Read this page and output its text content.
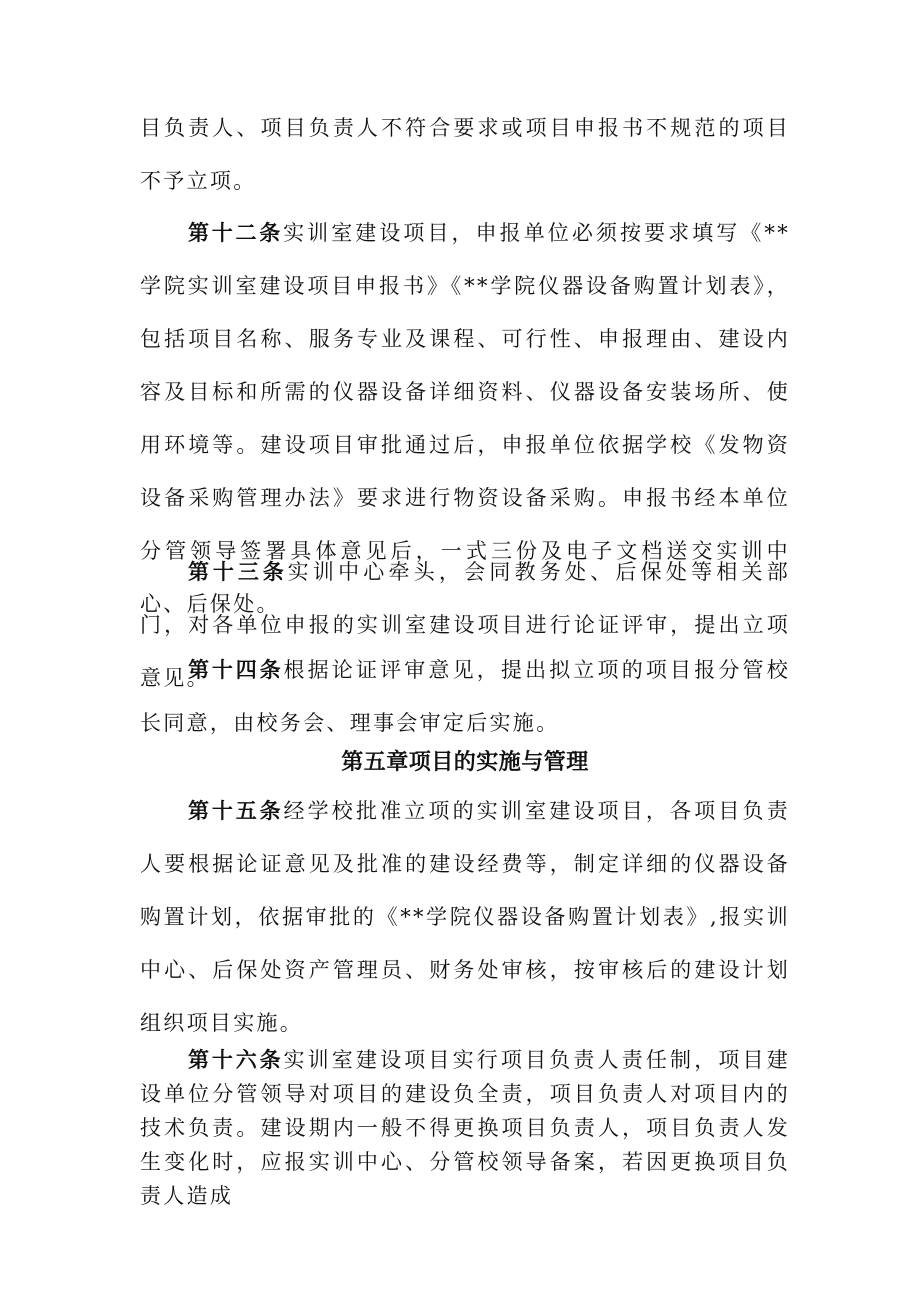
目负责人、项目负责人不符合要求或项目申报书不规范的项目不予立项。

第十二条实训室建设项目，申报单位必须按要求填写《**学院实训室建设项目申报书》《**学院仪器设备购置计划表》，包括项目名称、服务专业及课程、可行性、申报理由、建设内容及目标和所需的仪器设备详细资料、仪器设备安装场所、使用环境等。建设项目审批通过后，申报单位依据学校《发物资设备采购管理办法》要求进行物资设备采购。申报书经本单位分管领导签署具体意见后，一式三份及电子文档送交实训中心、后保处。

第十三条实训中心牵头，会同教务处、后保处等相关部门，对各单位申报的实训室建设项目进行论证评审，提出立项意见。

第十四条根据论证评审意见，提出拟立项的项目报分管校长同意，由校务会、理事会审定后实施。

第五章项目的实施与管理

第十五条经学校批准立项的实训室建设项目，各项目负责人要根据论证意见及批准的建设经费等，制定详细的仪器设备购置计划，依据审批的《**学院仪器设备购置计划表》,报实训中心、后保处资产管理员、财务处审核，按审核后的建设计划组织项目实施。

第十六条实训室建设项目实行项目负责人责任制，项目建设单位分管领导对项目的建设负全责，项目负责人对项目内的技术负责。建设期内一般不得更换项目负责人，项目负责人发生变化时，应报实训中心、分管校领导备案，若因更换项目负责人造成
